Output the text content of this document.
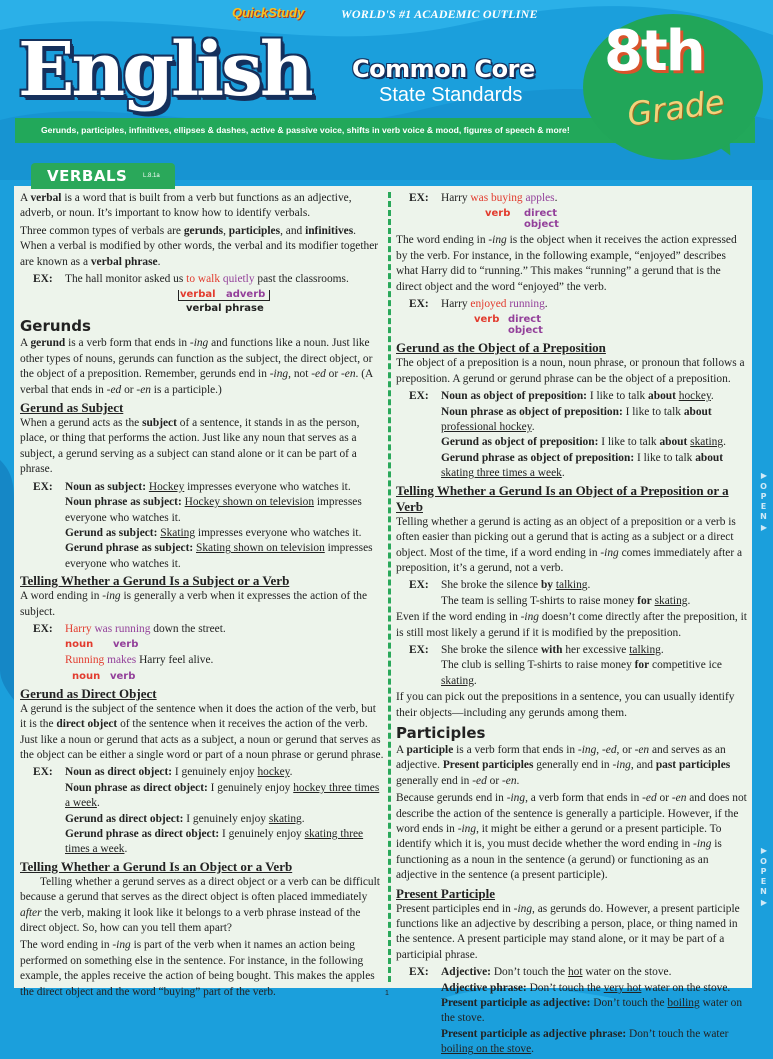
QuickStudy	WORLD'S #1 ACADEMIC OUTLINE
English Common Core
State Standards
Gerunds, participles, infinitives, ellipses & dashes, active & passive voice, shifts in verb voice & mood, figures of speech & more!
8th
Grade
VERBALS	L.8.1a
A verbal is a word that is built from a verb but functions as an adjective, adverb, or noun. It’s important to know how to identify verbals.
Three common types of verbals are gerunds, participles, and infinitives. When a verbal is modified by other words, the verbal and its modifier together are known as a verbal phrase.
EX:	The hall monitor asked us to walk quietly past the classrooms.
verbal adverb
verbal phrase
Gerunds
A gerund is a verb form that ends in -ing and functions like a noun. Just like other types of nouns, gerunds can function as the subject, the direct object, or the object of a preposition. Remember, gerunds end in -ing, not -ed or -en. (A verbal that ends in -ed or -en is a participle.)
Gerund as Subject
When a gerund acts as the subject of a sentence, it stands in as the person, place, or thing that performs the action. Just like any noun that serves as a subject, a gerund serving as a subject can stand alone or it can be part of a phrase.
EX:	Noun as subject: Hockey impresses everyone who watches it.
Noun phrase as subject: Hockey shown on television impresses everyone who watches it.
Gerund as subject: Skating impresses everyone who watches it.
Gerund phrase as subject: Skating shown on television impresses everyone who watches it.
Telling Whether a Gerund Is a Subject or a Verb
A word ending in -ing is generally a verb when it expresses the action of the subject.
EX:	Harry was running down the street.
noun verb
Running makes Harry feel alive.
noun verb
Gerund as Direct Object
A gerund is the subject of the sentence when it does the action of the verb, but it is the direct object of the sentence when it receives the action of the verb. Just like a noun or gerund that acts as a subject, a noun or gerund that serves as the object can be either a single word or part of a noun phrase or gerund phrase.
EX:	Noun as direct object: I genuinely enjoy hockey.
Noun phrase as direct object: I genuinely enjoy hockey three times a week.
Gerund as direct object: I genuinely enjoy skating.
Gerund phrase as direct object: I genuinely enjoy skating three times a week.
Telling Whether a Gerund Is an Object or a Verb
Telling whether a gerund serves as a direct object or a verb can be difficult because a gerund that serves as the direct object is often placed immediately after the verb, making it look like it belongs to a verb phrase instead of the direct object. So, how can you tell them apart?
The word ending in -ing is part of the verb when it names an action being performed on something else in the sentence. For instance, in the following example, the apples receive the action of being bought. This makes the apples the direct object and the word “buying” part of the verb.
EX:	Harry was buying apples.
verb direct object
The word ending in -ing is the object when it receives the action expressed by the verb. For instance, in the following example, “enjoyed” describes what Harry did to “running.” This makes “running” a gerund that is the direct object and the word “enjoyed” the verb.
EX:	Harry enjoyed running.
verb direct object
Gerund as the Object of a Preposition
The object of a preposition is a noun, noun phrase, or pronoun that follows a preposition. A gerund or gerund phrase can be the object of a preposition.
EX:	Noun as object of preposition: I like to talk about hockey.
Noun phrase as object of preposition: I like to talk about professional hockey.
Gerund as object of preposition: I like to talk about skating.
Gerund phrase as object of preposition: I like to talk about skating three times a week.
Telling Whether a Gerund Is an Object of a Preposition or a Verb
Telling whether a gerund is acting as an object of a preposition or a verb is often easier than picking out a gerund that is acting as a subject or a direct object. Most of the time, if a word ending in -ing comes immediately after a preposition, it’s a gerund, not a verb.
EX:	She broke the silence by talking.
The team is selling T-shirts to raise money for skating.
Even if the word ending in -ing doesn’t come directly after the preposition, it is still most likely a gerund if it is modified by the preposition.
EX:	She broke the silence with her excessive talking.
The club is selling T-shirts to raise money for competitive ice skating.
If you can pick out the prepositions in a sentence, you can usually identify their objects—including any gerunds among them.
Participles
A participle is a verb form that ends in -ing, -ed, or -en and serves as an adjective. Present participles generally end in -ing, and past participles generally end in -ed or -en.
Because gerunds end in -ing, a verb form that ends in -ed or -en and does not describe the action of the sentence is generally a participle. However, if the word ends in -ing, it might be either a gerund or a present participle. To identify which it is, you must decide whether the word ending in -ing is functioning as a noun in the sentence (a gerund) or functioning as an adjective in the sentence (a present participle).
Present Participle
Present participles end in -ing, as gerunds do. However, a present participle functions like an adjective by describing a person, place, or thing named in the sentence. A present participle may stand alone, or it may be part of a participial phrase.
EX:	Adjective: Don’t touch the hot water on the stove.
Adjective phrase: Don’t touch the very hot water on the stove.
Present participle as adjective: Don’t touch the boiling water on the stove.
Present participle as adjective phrase: Don’t touch the water boiling on the stove.
▶
OPEN
▶
▶
OPEN
▶
1
